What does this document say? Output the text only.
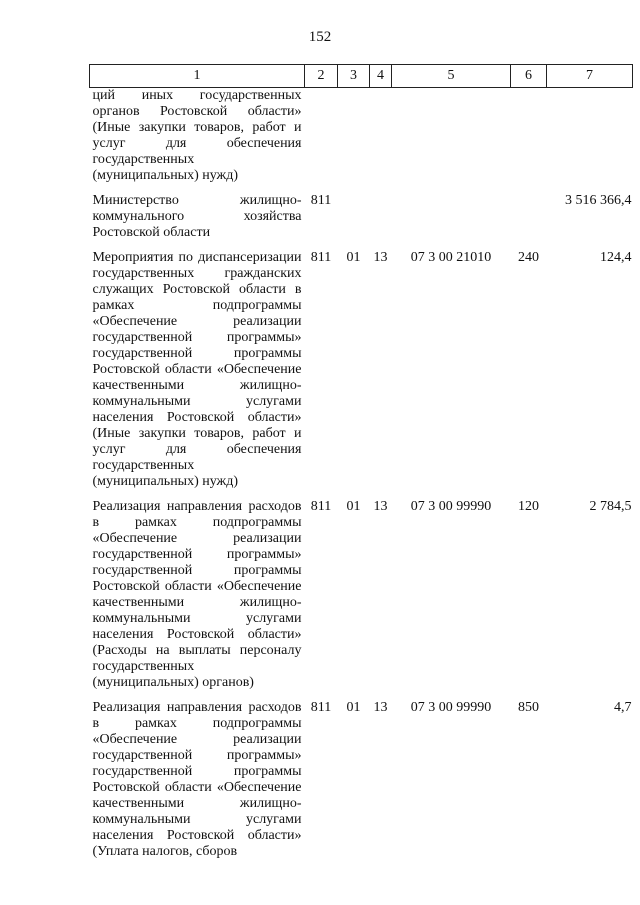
152
1	2	3	4	5	6	7
ций иных государственных органов Ростовской области» (Иные закупки товаров, работ и услуг для обеспечения государственных (муниципальных) нужд)						
Министерство жилищно-коммунального хозяйства Ростовской области	811					3 516 366,4
Мероприятия по диспансеризации государственных гражданских служащих Ростовской области в рамках подпрограммы «Обеспечение реализации государственной программы» государственной программы Ростовской области «Обеспечение качественными жилищно-коммунальными услугами населения Ростовской области» (Иные закупки товаров, работ и услуг для обеспечения государственных (муниципальных) нужд)	811	01	13	07 3 00 21010	240	124,4
Реализация направления расходов в рамках подпрограммы «Обеспечение реализации государственной программы» государственной программы Ростовской области «Обеспечение качественными жилищно-коммунальными услугами населения Ростовской области» (Расходы на выплаты персоналу государственных (муниципальных) органов)	811	01	13	07 3 00 99990	120	2 784,5
Реализация направления расходов в рамках подпрограммы «Обеспечение реализации государственной программы» государственной программы Ростовской области «Обеспечение качественными жилищно-коммунальными услугами населения Ростовской области» (Уплата налогов, сборов	811	01	13	07 3 00 99990	850	4,7
